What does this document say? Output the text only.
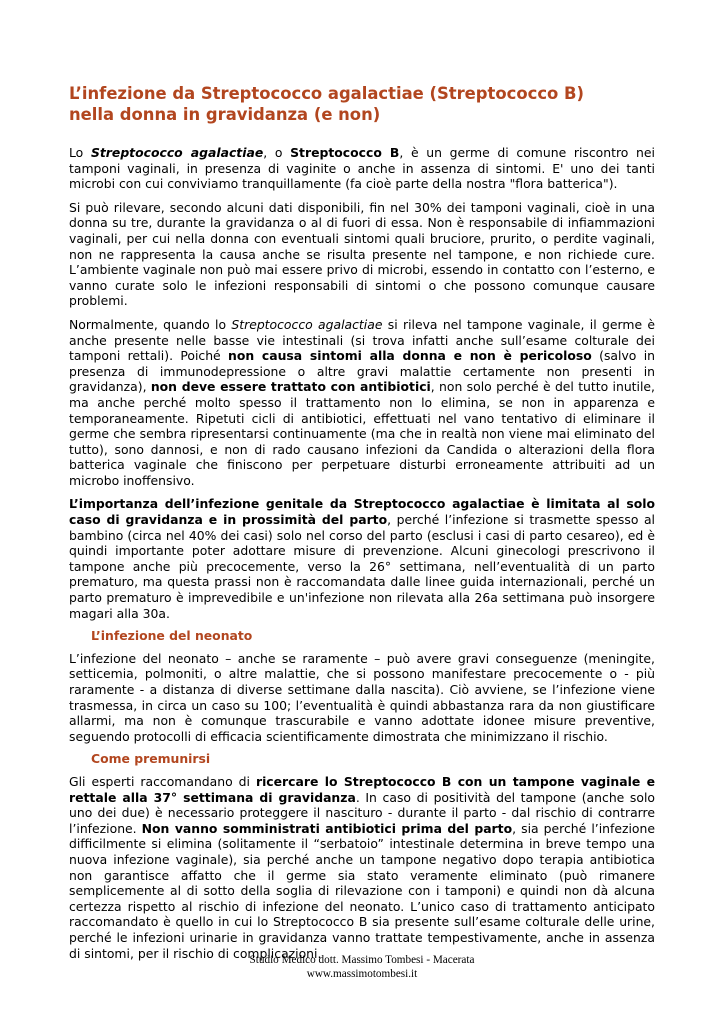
L’infezione da Streptococco agalactiae (Streptococco B)
nella donna in gravidanza (e non)

Lo Streptococco agalactiae, o Streptococco B, è un germe di comune riscontro nei tamponi vaginali, in presenza di vaginite o anche in assenza di sintomi. E' uno dei tanti microbi con cui conviviamo tranquillamente (fa cioè parte della nostra "flora batterica").

Si può rilevare, secondo alcuni dati disponibili, fin nel 30% dei tamponi vaginali, cioè in una donna su tre, durante la gravidanza o al di fuori di essa. Non è responsabile di infiammazioni vaginali, per cui nella donna con eventuali sintomi quali bruciore, prurito, o perdite vaginali, non ne rappresenta la causa anche se risulta presente nel tampone, e non richiede cure. L’ambiente vaginale non può mai essere privo di microbi, essendo in contatto con l’esterno, e vanno curate solo le infezioni responsabili di sintomi o che possono comunque causare problemi.

Normalmente, quando lo Streptococco agalactiae si rileva nel tampone vaginale, il germe è anche presente nelle basse vie intestinali (si trova infatti anche sull’esame colturale dei tamponi rettali). Poiché non causa sintomi alla donna e non è pericoloso (salvo in presenza di immunodepressione o altre gravi malattie certamente non presenti in gravidanza), non deve essere trattato con antibiotici, non solo perché è del tutto inutile, ma anche perché molto spesso il trattamento non lo elimina, se non in apparenza e temporaneamente. Ripetuti cicli di antibiotici, effettuati nel vano tentativo di eliminare il germe che sembra ripresentarsi continuamente (ma che in realtà non viene mai eliminato del tutto), sono dannosi, e non di rado causano infezioni da Candida o alterazioni della flora batterica vaginale che finiscono per perpetuare disturbi erroneamente attribuiti ad un microbo inoffensivo.

L’importanza dell’infezione genitale da Streptococco agalactiae è limitata al solo caso di gravidanza e in prossimità del parto, perché l’infezione si trasmette spesso al bambino (circa nel 40% dei casi) solo nel corso del parto (esclusi i casi di parto cesareo), ed è quindi importante poter adottare misure di prevenzione. Alcuni ginecologi prescrivono il tampone anche più precocemente, verso la 26° settimana, nell’eventualità di un parto prematuro, ma questa prassi non è raccomandata dalle linee guida internazionali, perché un parto prematuro è imprevedibile e un'infezione non rilevata alla 26a settimana può insorgere magari alla 30a.

L’infezione del neonato

L’infezione del neonato – anche se raramente – può avere gravi conseguenze (meningite, setticemia, polmoniti, o altre malattie, che si possono manifestare precocemente o - più raramente - a distanza di diverse settimane dalla nascita). Ciò avviene, se l’infezione viene trasmessa, in circa un caso su 100; l’eventualità è quindi abbastanza rara da non giustificare allarmi, ma non è comunque trascurabile e vanno adottate idonee misure preventive, seguendo protocolli di efficacia scientificamente dimostrata che minimizzano il rischio.

Come premunirsi

Gli esperti raccomandano di ricercare lo Streptococco B con un tampone vaginale e rettale alla 37° settimana di gravidanza. In caso di positività del tampone (anche solo uno dei due) è necessario proteggere il nascituro - durante il parto - dal rischio di contrarre l’infezione. Non vanno somministrati antibiotici prima del parto, sia perché l’infezione difficilmente si elimina (solitamente il “serbatoio” intestinale determina in breve tempo una nuova infezione vaginale), sia perché anche un tampone negativo dopo terapia antibiotica non garantisce affatto che il germe sia stato veramente eliminato (può rimanere semplicemente al di sotto della soglia di rilevazione con i tamponi) e quindi non dà alcuna certezza rispetto al rischio di infezione del neonato. L’unico caso di trattamento anticipato raccomandato è quello in cui lo Streptococco B sia presente sull’esame colturale delle urine, perché le infezioni urinarie in gravidanza vanno trattate tempestivamente, anche in assenza di sintomi, per il rischio di complicazioni.

Studio Medico dott. Massimo Tombesi - Macerata
www.massimotombesi.it
